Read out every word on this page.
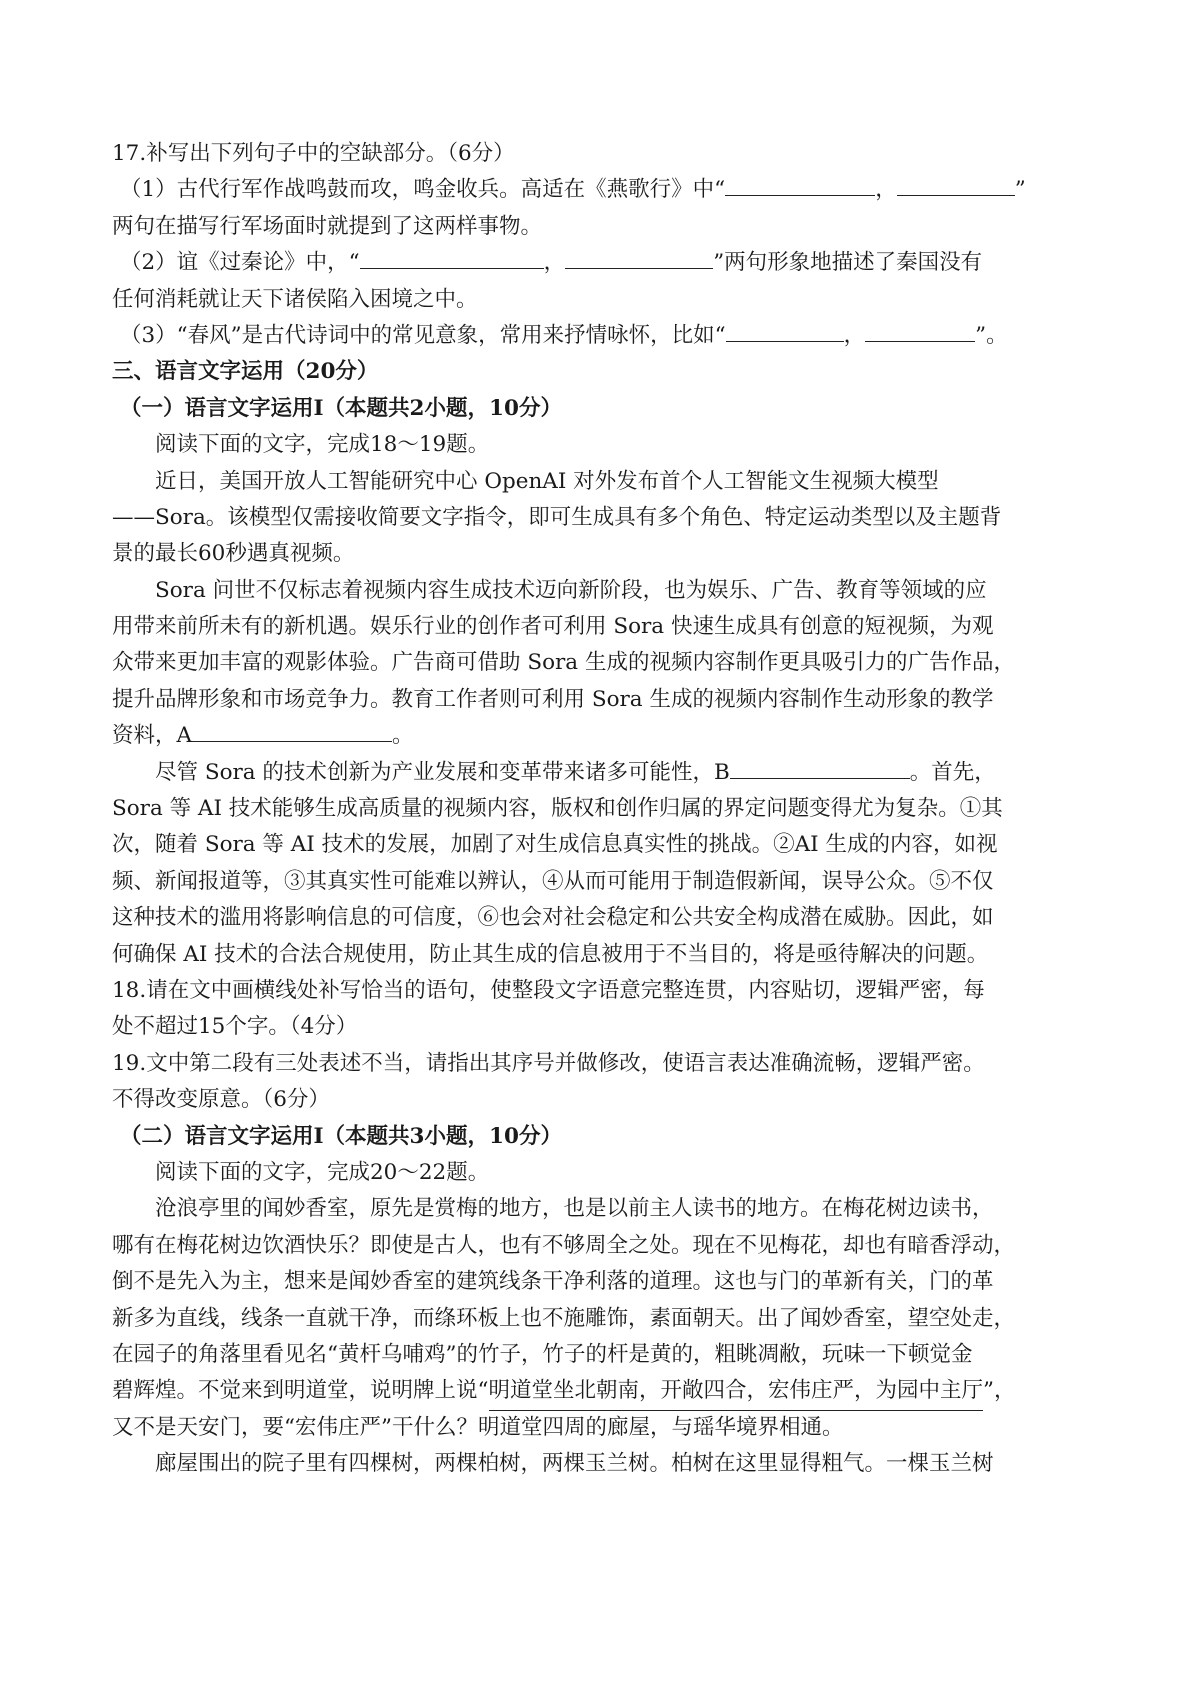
17.补写出下列句子中的空缺部分。（6分）
（1）古代行军作战鸣鼓而攻，鸣金收兵。高适在《燕歌行》中“	，	”
两句在描写行军场面时就提到了这两样事物。
（2）谊《过秦论》中，“	，	”两句形象地描述了秦国没有
任何消耗就让天下诸侯陷入困境之中。
（3）“春风”是古代诗词中的常见意象，常用来抒情咏怀，比如“	，	”。
三、语言文字运用（20分）
（一）语言文字运用Ⅰ（本题共2小题，10分）
阅读下面的文字，完成18～19题。
近日，美国开放人工智能研究中心 OpenAI 对外发布首个人工智能文生视频大模型
——Sora。该模型仅需接收简要文字指令，即可生成具有多个角色、特定运动类型以及主题背
景的最长60秒遇真视频。
Sora 问世不仅标志着视频内容生成技术迈向新阶段，也为娱乐、广告、教育等领域的应
用带来前所未有的新机遇。娱乐行业的创作者可利用 Sora 快速生成具有创意的短视频，为观
众带来更加丰富的观影体验。广告商可借助 Sora 生成的视频内容制作更具吸引力的广告作品，
提升品牌形象和市场竞争力。教育工作者则可利用 Sora 生成的视频内容制作生动形象的教学
资料，A	。
尽管 Sora 的技术创新为产业发展和变革带来诸多可能性，B	。首先，
Sora 等 AI 技术能够生成高质量的视频内容，版权和创作归属的界定问题变得尤为复杂。①其
次，随着 Sora 等 AI 技术的发展，加剧了对生成信息真实性的挑战。②AI 生成的内容，如视
频、新闻报道等，③其真实性可能难以辨认，④从而可能用于制造假新闻，误导公众。⑤不仅
这种技术的滥用将影响信息的可信度，⑥也会对社会稳定和公共安全构成潜在威胁。因此，如
何确保 AI 技术的合法合规使用，防止其生成的信息被用于不当目的，将是亟待解决的问题。
18.请在文中画横线处补写恰当的语句，使整段文字语意完整连贯，内容贴切，逻辑严密，每
处不超过15个字。（4分）
19.文中第二段有三处表述不当，请指出其序号并做修改，使语言表达准确流畅，逻辑严密。
不得改变原意。（6分）
（二）语言文字运用Ⅰ（本题共3小题，10分）
阅读下面的文字，完成20～22题。
沧浪亭里的闻妙香室，原先是赏梅的地方，也是以前主人读书的地方。在梅花树边读书，
哪有在梅花树边饮酒快乐？即使是古人，也有不够周全之处。现在不见梅花，却也有暗香浮动，
倒不是先入为主，想来是闻妙香室的建筑线条干净利落的道理。这也与门的革新有关，门的革
新多为直线，线条一直就干净，而绦环板上也不施雕饰，素面朝天。出了闻妙香室，望空处走，
在园子的角落里看见名“黄杆乌哺鸡”的竹子，竹子的杆是黄的，粗眺凋敝，玩味一下顿觉金
碧辉煌。不觉来到明道堂，说明牌上说“ 明道堂坐北朝南，开敞四合，宏伟庄严，为园中主厅 ”，
又不是天安门，要“宏伟庄严”干什么？明道堂四周的廊屋，与瑶华境界相通。
廊屋围出的院子里有四棵树，两棵柏树，两棵玉兰树。柏树在这里显得粗气。一棵玉兰树
